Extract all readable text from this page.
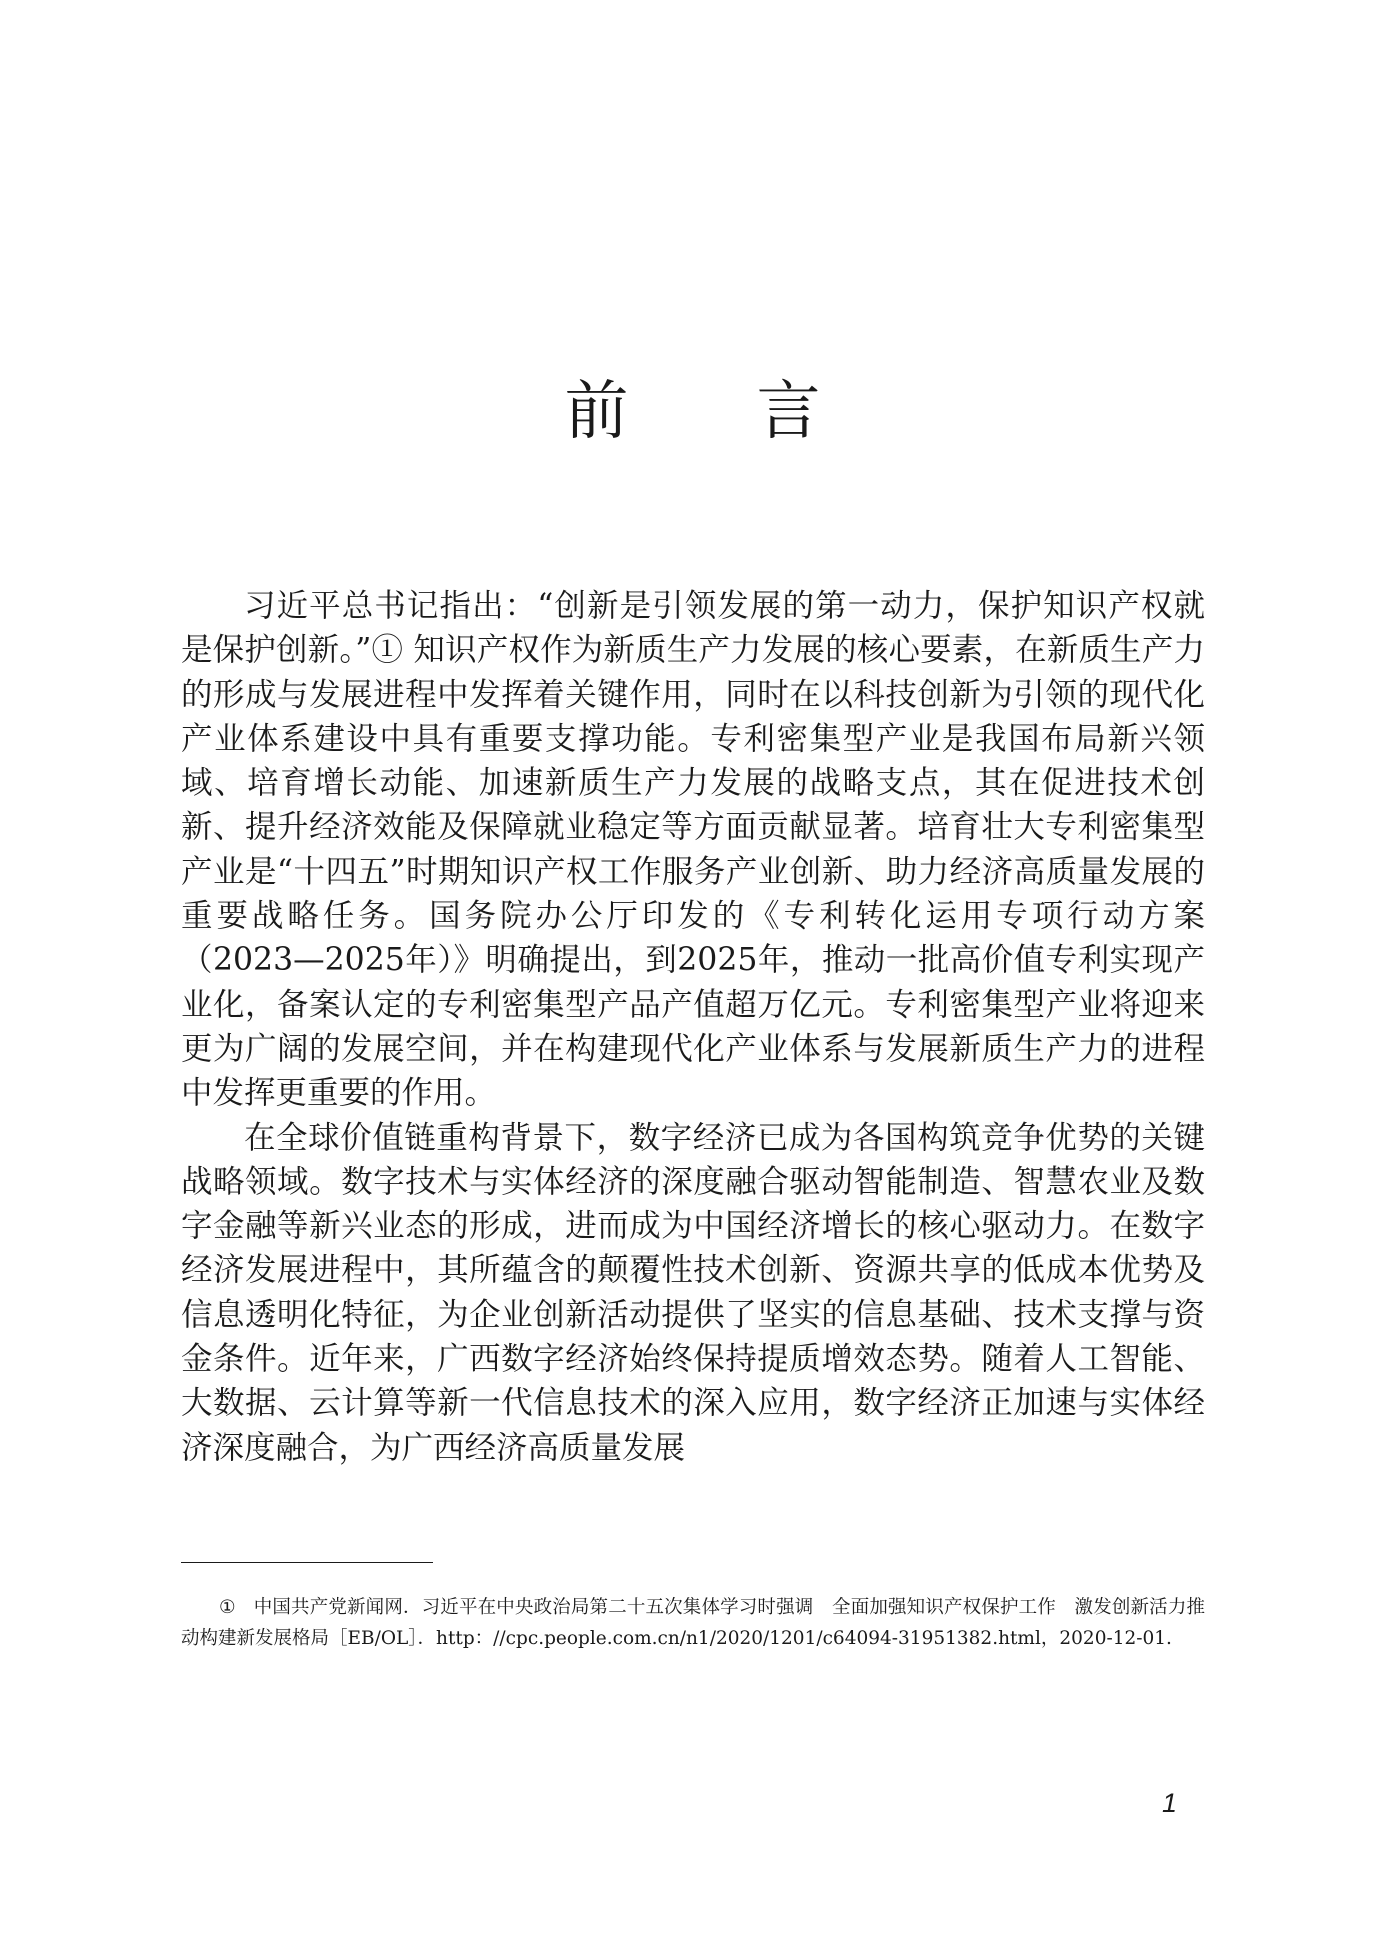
前　　言

习近平总书记指出：“创新是引领发展的第一动力，保护知识产权就是保护创新。”① 知识产权作为新质生产力发展的核心要素，在新质生产力的形成与发展进程中发挥着关键作用，同时在以科技创新为引领的现代化产业体系建设中具有重要支撑功能。专利密集型产业是我国布局新兴领域、培育增长动能、加速新质生产力发展的战略支点，其在促进技术创新、提升经济效能及保障就业稳定等方面贡献显著。培育壮大专利密集型产业是“十四五”时期知识产权工作服务产业创新、助力经济高质量发展的重要战略任务。国务院办公厅印发的《专利转化运用专项行动方案（2023—2025年）》明确提出，到2025年，推动一批高价值专利实现产业化，备案认定的专利密集型产品产值超万亿元。专利密集型产业将迎来更为广阔的发展空间，并在构建现代化产业体系与发展新质生产力的进程中发挥更重要的作用。

在全球价值链重构背景下，数字经济已成为各国构筑竞争优势的关键战略领域。数字技术与实体经济的深度融合驱动智能制造、智慧农业及数字金融等新兴业态的形成，进而成为中国经济增长的核心驱动力。在数字经济发展进程中，其所蕴含的颠覆性技术创新、资源共享的低成本优势及信息透明化特征，为企业创新活动提供了坚实的信息基础、技术支撑与资金条件。近年来，广西数字经济始终保持提质增效态势。随着人工智能、大数据、云计算等新一代信息技术的深入应用，数字经济正加速与实体经济深度融合，为广西经济高质量发展

① 中国共产党新闻网．习近平在中央政治局第二十五次集体学习时强调　全面加强知识产权保护工作　激发创新活力推动构建新发展格局［EB/OL］．http：//cpc.people.com.cn/n1/2020/1201/c64094-31951382.html，2020-12-01.

1
